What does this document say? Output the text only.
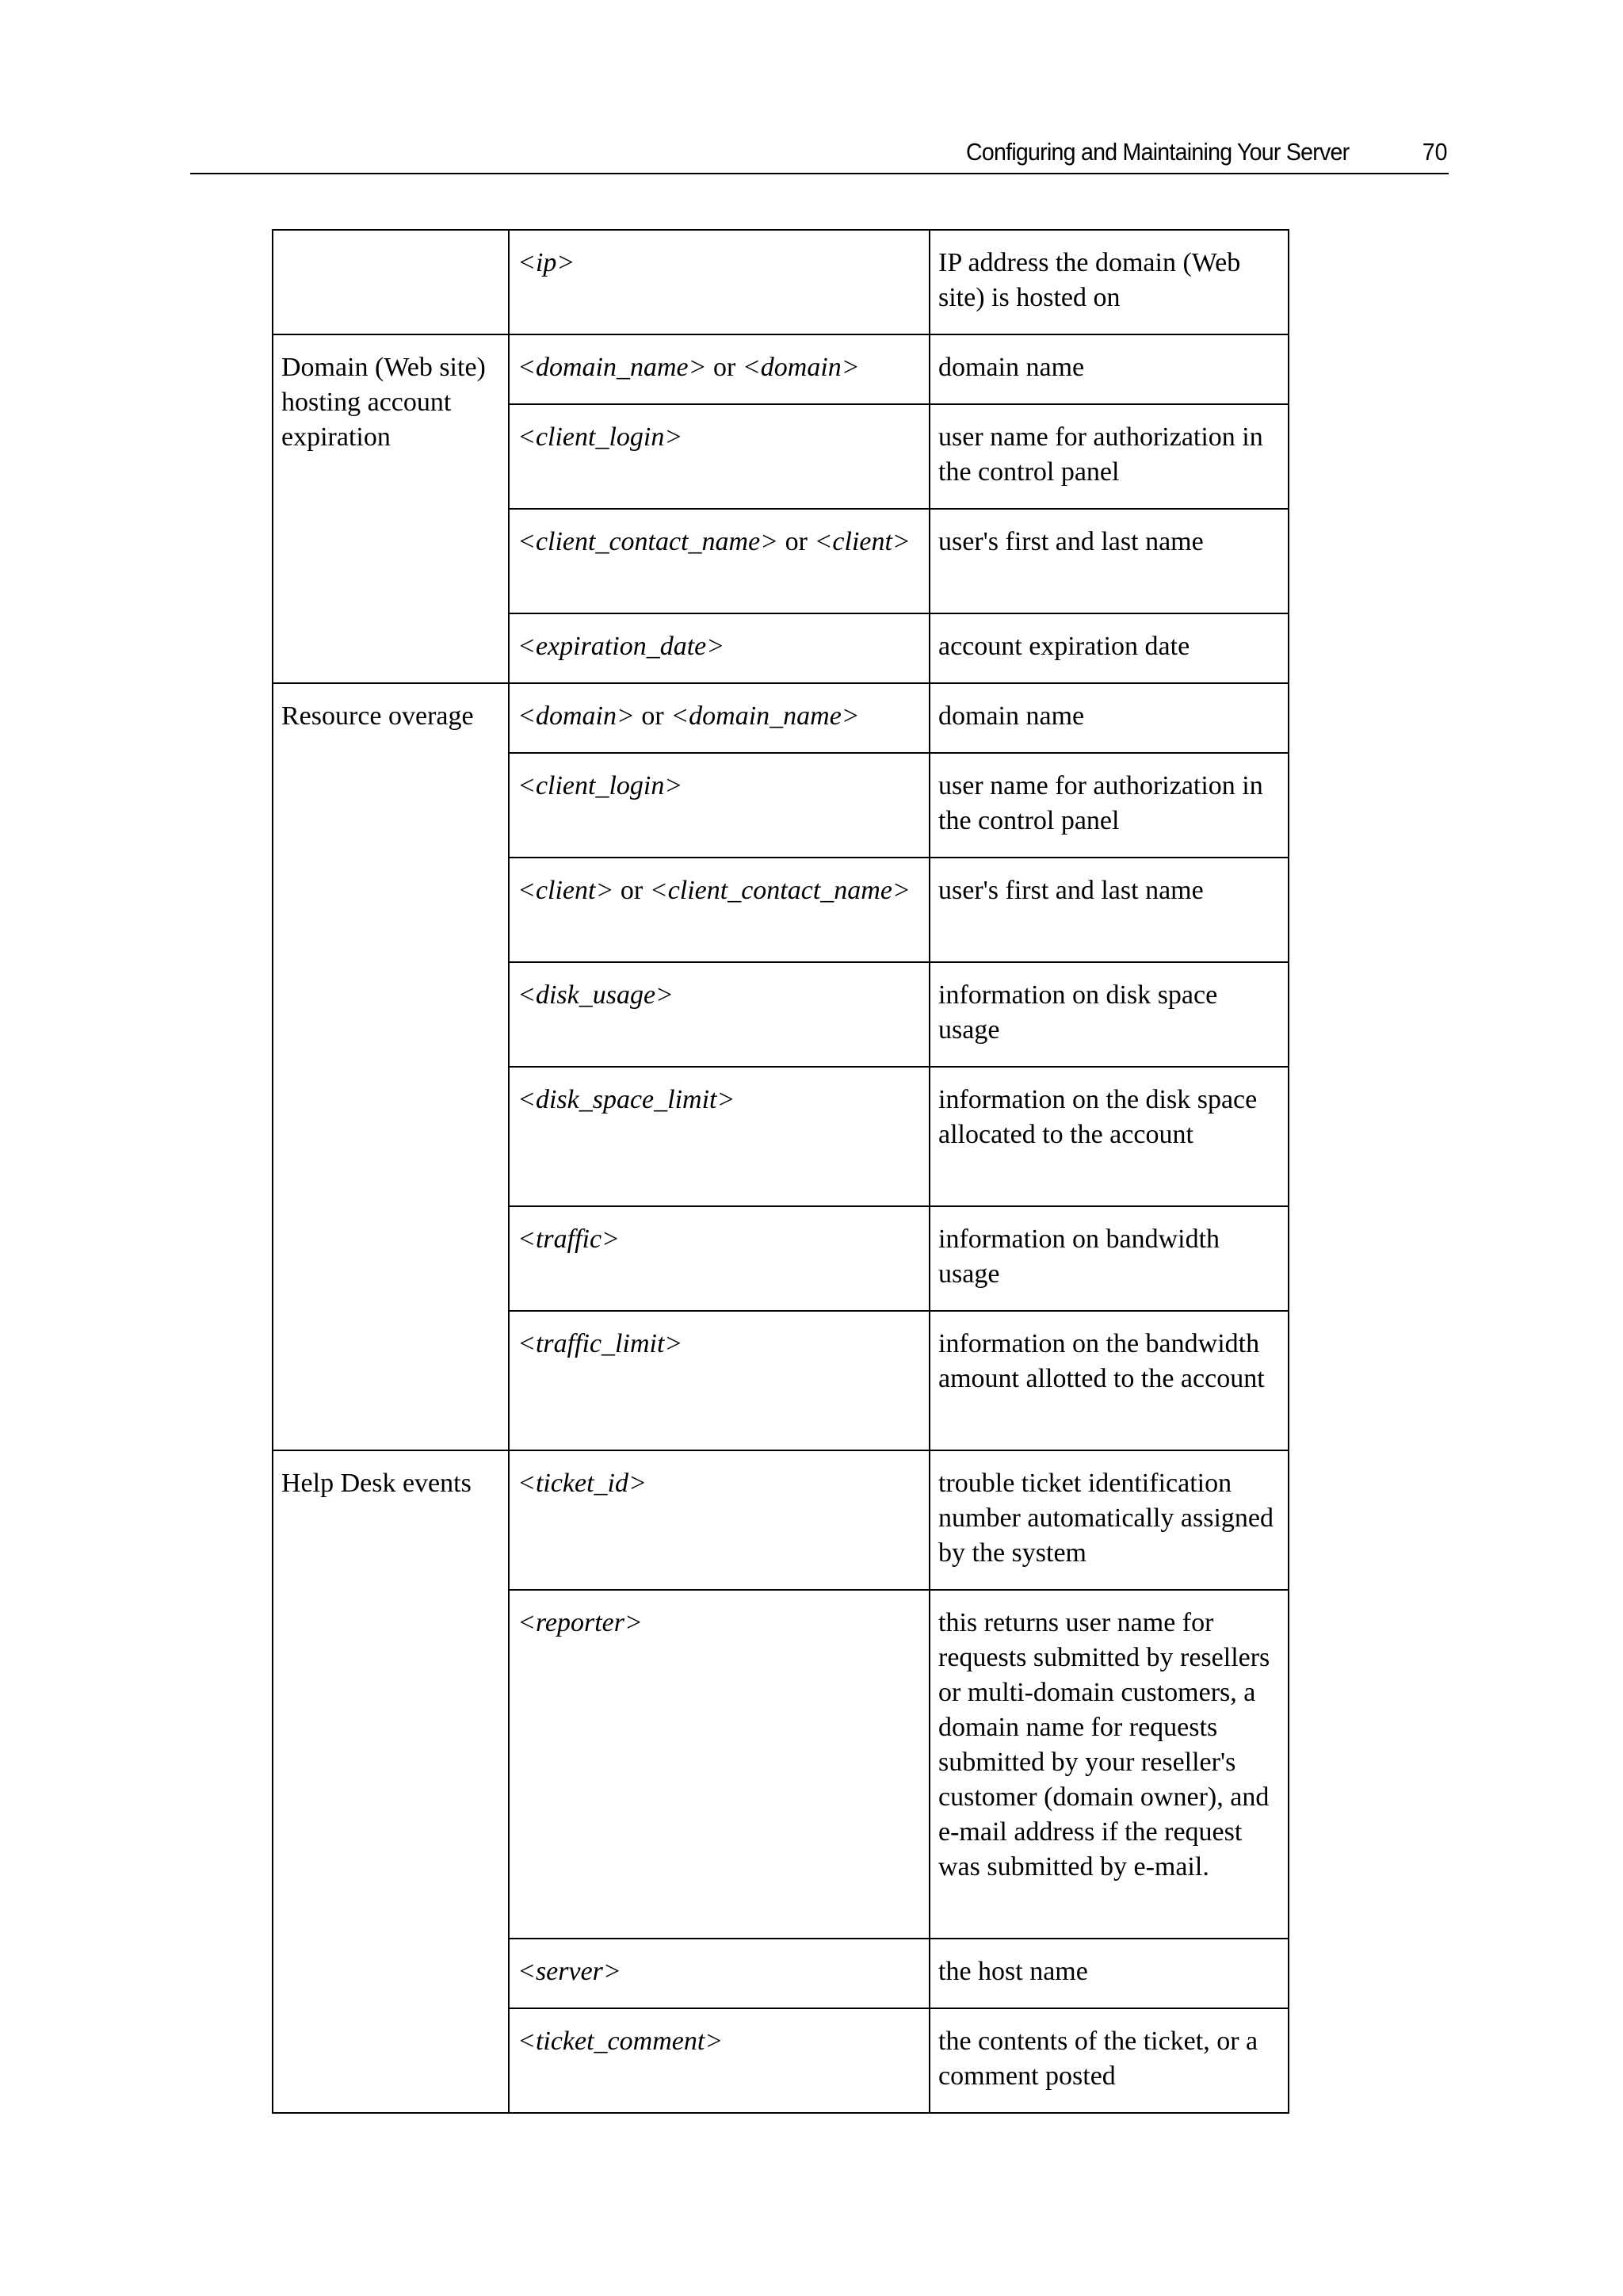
Configuring and Maintaining Your Server	70
	<ip>	IP address the domain (Web site) is hosted on
Domain (Web site) hosting account expiration	<domain_name> or <domain>	domain name
	<client_login>	user name for authorization in the control panel
	<client_contact_name> or <client>	user's first and last name
	<expiration_date>	account expiration date
Resource overage	<domain> or <domain_name>	domain name
	<client_login>	user name for authorization in the control panel
	<client> or <client_contact_name>	user's first and last name
	<disk_usage>	information on disk space usage
	<disk_space_limit>	information on the disk space allocated to the account
	<traffic>	information on bandwidth usage
	<traffic_limit>	information on the bandwidth amount allotted to the account
Help Desk events	<ticket_id>	trouble ticket identification number automatically assigned by the system
	<reporter>	this returns user name for requests submitted by resellers or multi-domain customers, a domain name for requests submitted by your reseller's customer (domain owner), and e-mail address if the request was submitted by e-mail.
	<server>	the host name
	<ticket_comment>	the contents of the ticket, or a comment posted
